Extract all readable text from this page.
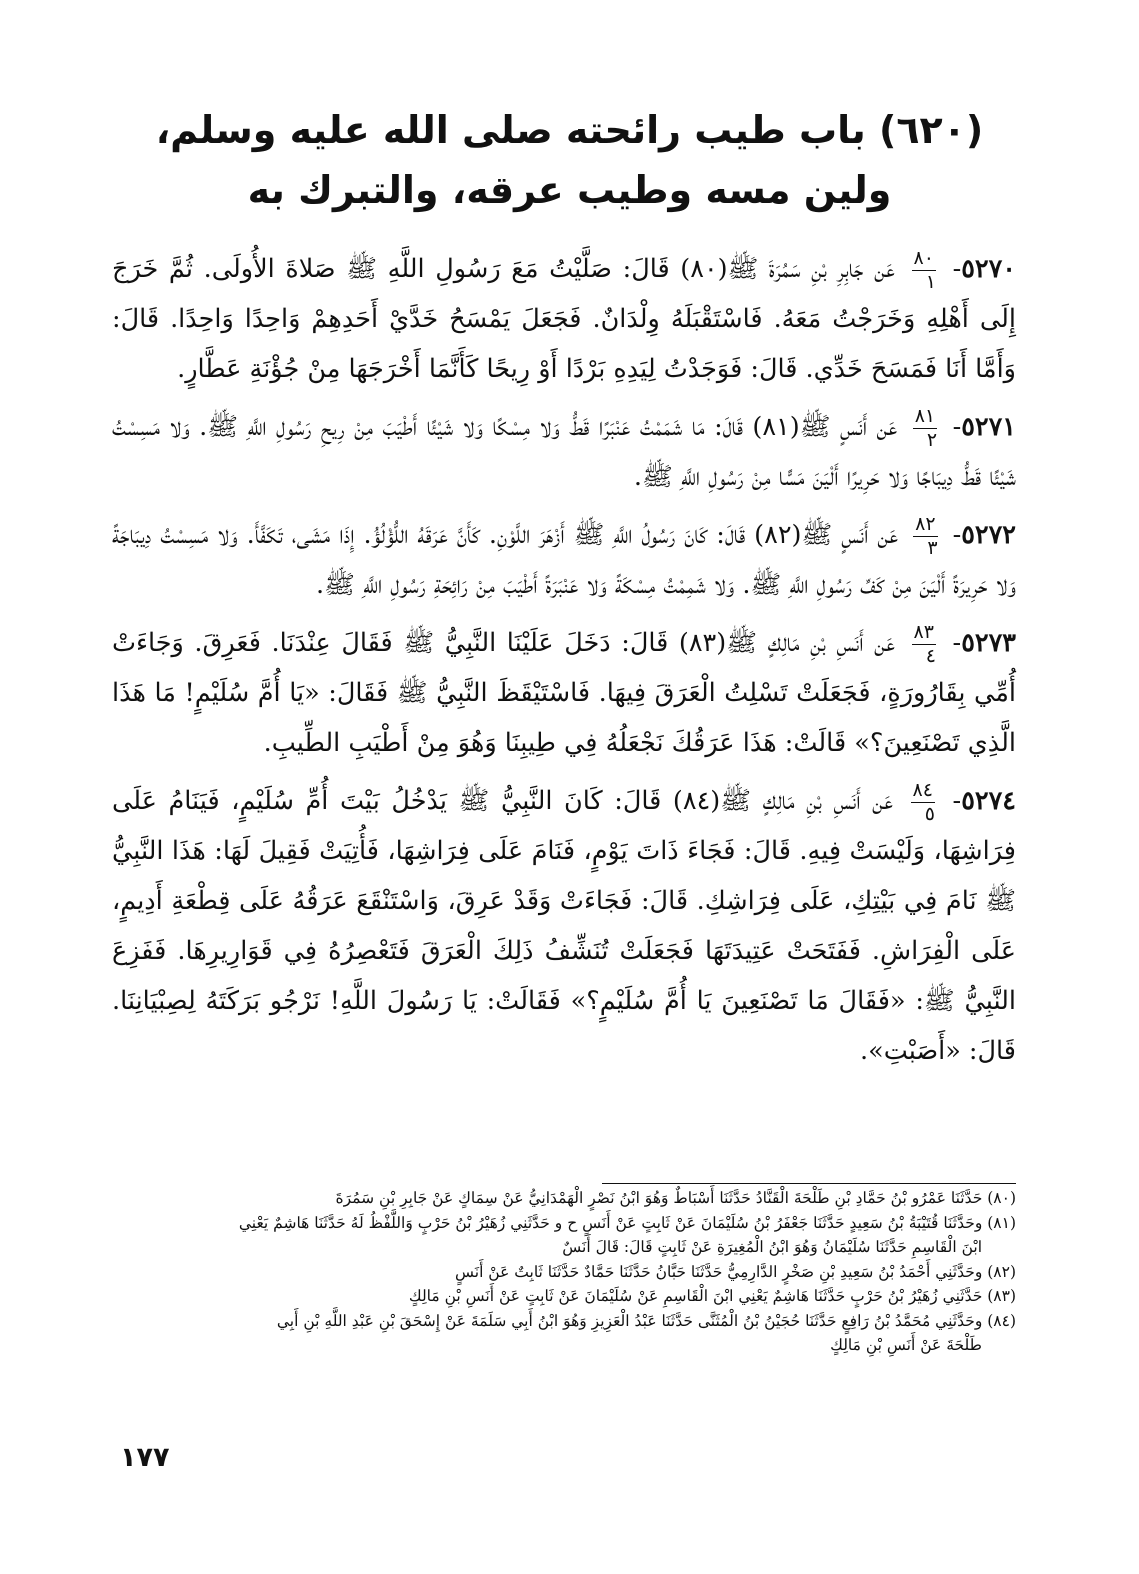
(٦٢٠) باب طيب رائحته صلى الله عليه وسلم،
ولين مسه وطيب عرقه، والتبرك به

٥٢٧٠-
$\frac{٨٠}{١}$
عَن جَابِرِ بْنِ سَمُرَةَ ﷺ(٨٠) قَالَ: صَلَّيْتُ مَعَ رَسُولِ اللَّهِ ﷺ صَلاةَ الأُولَى. ثُمَّ خَرَجَ إِلَى أَهْلِهِ وَخَرَجْتُ مَعَهُ. فَاسْتَقْبَلَهُ وِلْدَانٌ. فَجَعَلَ يَمْسَحُ خَدَّيْ أَحَدِهِمْ وَاحِدًا وَاحِدًا. قَالَ: وَأَمَّا أَنَا فَمَسَحَ خَدِّي. قَالَ: فَوَجَدْتُ لِيَدِهِ بَرْدًا أَوْ رِيحًا كَأَنَّمَا أَخْرَجَهَا مِنْ جُؤْنَةِ عَطَّارٍ.

٥٢٧١-
$\frac{٨١}{٢}$
عَن أَنَسٍ ﷺ(٨١) قَالَ: مَا شَمَمْتُ عَنْبَرًا قَطُّ وَلا مِسْكًا وَلا شَيْئًا أَطْيَبَ مِنْ رِيحِ رَسُولِ اللَّهِ ﷺ. وَلا مَسِسْتُ شَيْئًا قَطُّ دِيبَاجًا وَلا حَرِيرًا أَلْيَنَ مَسًّا مِنْ رَسُولِ اللَّهِ ﷺ.

٥٢٧٢-
$\frac{٨٢}{٣}$
عَن أَنَسٍ ﷺ(٨٢) قَالَ: كَانَ رَسُولُ اللَّهِ ﷺ أَزْهَرَ اللَّوْنِ. كَأَنَّ عَرَقَهُ اللُّؤْلُؤُ. إِذَا مَشَى، تَكَفَّأَ. وَلا مَسِسْتُ دِيبَاجَةً وَلا حَرِيرَةً أَلْيَنَ مِنْ كَفِّ رَسُولِ اللَّهِ ﷺ. وَلا شَمِمْتُ مِسْكَةً وَلا عَنْبَرَةً أَطْيَبَ مِنْ رَائِحَةِ رَسُولِ اللَّهِ ﷺ.

٥٢٧٣-
$\frac{٨٣}{٤}$
عَن أَنَسِ بْنِ مَالِكٍ ﷺ(٨٣) قَالَ: دَخَلَ عَلَيْنَا النَّبِيُّ ﷺ فَقَالَ عِنْدَنَا. فَعَرِقَ. وَجَاءَتْ أُمِّي بِقَارُورَةٍ، فَجَعَلَتْ تَسْلِتُ الْعَرَقَ فِيهَا. فَاسْتَيْقَظَ النَّبِيُّ ﷺ فَقَالَ: «يَا أُمَّ سُلَيْمٍ! مَا هَذَا الَّذِي تَصْنَعِينَ؟» قَالَتْ: هَذَا عَرَقُكَ نَجْعَلُهُ فِي طِيبِنَا وَهُوَ مِنْ أَطْيَبِ الطِّيبِ.

٥٢٧٤-
$\frac{٨٤}{٥}$
عَن أَنَسِ بْنِ مَالِكٍ ﷺ(٨٤) قَالَ: كَانَ النَّبِيُّ ﷺ يَدْخُلُ بَيْتَ أُمِّ سُلَيْمٍ، فَيَنَامُ عَلَى فِرَاشِهَا، وَلَيْسَتْ فِيهِ. قَالَ: فَجَاءَ ذَاتَ يَوْمٍ، فَنَامَ عَلَى فِرَاشِهَا، فَأُتِيَتْ فَقِيلَ لَهَا: هَذَا النَّبِيُّ ﷺ نَامَ فِي بَيْتِكِ، عَلَى فِرَاشِكِ. قَالَ: فَجَاءَتْ وَقَدْ عَرِقَ، وَاسْتَنْقَعَ عَرَقُهُ عَلَى قِطْعَةِ أَدِيمٍ، عَلَى الْفِرَاشِ. فَفَتَحَتْ عَتِيدَتَهَا فَجَعَلَتْ تُنَشِّفُ ذَلِكَ الْعَرَقَ فَتَعْصِرُهُ فِي قَوَارِيرِهَا. فَفَزِعَ النَّبِيُّ ﷺ: «فَقَالَ مَا تَصْنَعِينَ يَا أُمَّ سُلَيْمٍ؟» فَقَالَتْ: يَا رَسُولَ اللَّهِ! نَرْجُو بَرَكَتَهُ لِصِبْيَانِنَا. قَالَ: «أَصَبْتِ».

(٨٠) حَدَّثَنَا عَمْرُو بْنُ حَمَّادِ بْنِ طَلْحَةَ الْقَنَّادُ حَدَّثَنَا أَسْبَاطٌ وَهُوَ ابْنُ نَصْرٍ الْهَمْدَانِيُّ عَنْ سِمَاكٍ عَنْ جَابِرِ بْنِ سَمُرَةَ

(٨١) وحَدَّثَنَا قُتَيْبَةُ بْنُ سَعِيدٍ حَدَّثَنَا جَعْفَرُ بْنُ سُلَيْمَانَ عَنْ ثَابِتٍ عَنْ أَنَسٍ ح و حَدَّثَنِي زُهَيْرُ بْنُ حَرْبٍ وَاللَّفْظُ لَهُ حَدَّثَنَا هَاشِمٌ يَعْنِي

ابْنَ الْقَاسِمِ حَدَّثَنَا سُلَيْمَانُ وَهُوَ ابْنُ الْمُغِيرَةِ عَنْ ثَابِتٍ قَالَ: قَالَ أَنَسٌ

(٨٢) وحَدَّثَنِي أَحْمَدُ بْنُ سَعِيدِ بْنِ صَخْرٍ الدَّارِمِيُّ حَدَّثَنَا حَبَّانُ حَدَّثَنَا حَمَّادٌ حَدَّثَنَا ثَابِتٌ عَنْ أَنَسٍ

(٨٣) حَدَّثَنِي زُهَيْرُ بْنُ حَرْبٍ حَدَّثَنَا هَاشِمٌ يَعْنِي ابْنَ الْقَاسِمِ عَنْ سُلَيْمَانَ عَنْ ثَابِتٍ عَنْ أَنَسِ بْنِ مَالِكٍ

(٨٤) وحَدَّثَنِي مُحَمَّدُ بْنُ رَافِعٍ حَدَّثَنَا حُجَيْنُ بْنُ الْمُثَنَّى حَدَّثَنَا عَبْدُ الْعَزِيزِ وَهُوَ ابْنُ أَبِي سَلَمَةَ عَنْ إِسْحَقَ بْنِ عَبْدِ اللَّهِ بْنِ أَبِي

طَلْحَةَ عَنْ أَنَسِ بْنِ مَالِكٍ

١٧٧
